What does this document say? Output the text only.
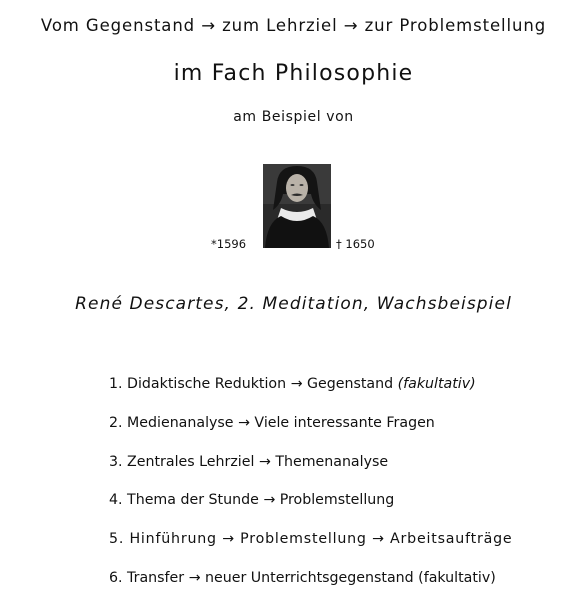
Vom Gegenstand → zum Lehrziel → zur Problemstellung
im Fach Philosophie
am Beispiel von
*1596	† 1650
René Descartes, 2. Meditation, Wachsbeispiel
1. Didaktische Reduktion → Gegenstand (fakultativ)
2. Medienanalyse → Viele interessante Fragen
3. Zentrales Lehrziel → Themenanalyse
4. Thema der Stunde → Problemstellung
5. Hinführung → Problemstellung → Arbeitsaufträge
6. Transfer → neuer Unterrichtsgegenstand (fakultativ)
